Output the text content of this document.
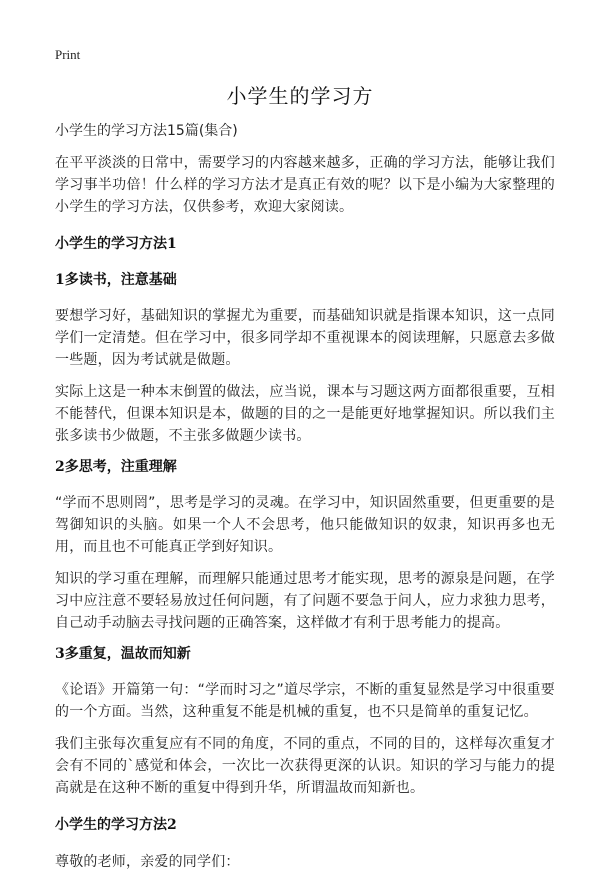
Print
小学生的学习方
小学生的学习方法15篇(集合)

在平平淡淡的日常中，需要学习的内容越来越多，正确的学习方法，能够让我们学习事半功倍！什么样的学习方法才是真正有效的呢？以下是小编为大家整理的小学生的学习方法，仅供参考，欢迎大家阅读。

小学生的学习方法1
1多读书，注意基础

要想学习好，基础知识的掌握尤为重要，而基础知识就是指课本知识，这一点同学们一定清楚。但在学习中，很多同学却不重视课本的阅读理解，只愿意去多做一些题，因为考试就是做题。

实际上这是一种本末倒置的做法，应当说，课本与习题这两方面都很重要，互相不能替代，但课本知识是本，做题的目的之一是能更好地掌握知识。所以我们主张多读书少做题，不主张多做题少读书。

2多思考，注重理解

“学而不思则罔”，思考是学习的灵魂。在学习中，知识固然重要，但更重要的是驾御知识的头脑。如果一个人不会思考，他只能做知识的奴隶，知识再多也无用，而且也不可能真正学到好知识。

知识的学习重在理解，而理解只能通过思考才能实现，思考的源泉是问题，在学习中应注意不要轻易放过任何问题，有了问题不要急于问人，应力求独力思考，自己动手动脑去寻找问题的正确答案，这样做才有利于思考能力的提高。

3多重复，温故而知新

《论语》开篇第一句：“学而时习之”道尽学宗，不断的重复显然是学习中很重要的一个方面。当然，这种重复不能是机械的重复，也不只是简单的重复记忆。

我们主张每次重复应有不同的角度，不同的重点，不同的目的，这样每次重复才会有不同的`感觉和体会，一次比一次获得更深的认识。知识的学习与能力的提高就是在这种不断的重复中得到升华，所谓温故而知新也。

小学生的学习方法2

尊敬的老师，亲爱的同学们：
